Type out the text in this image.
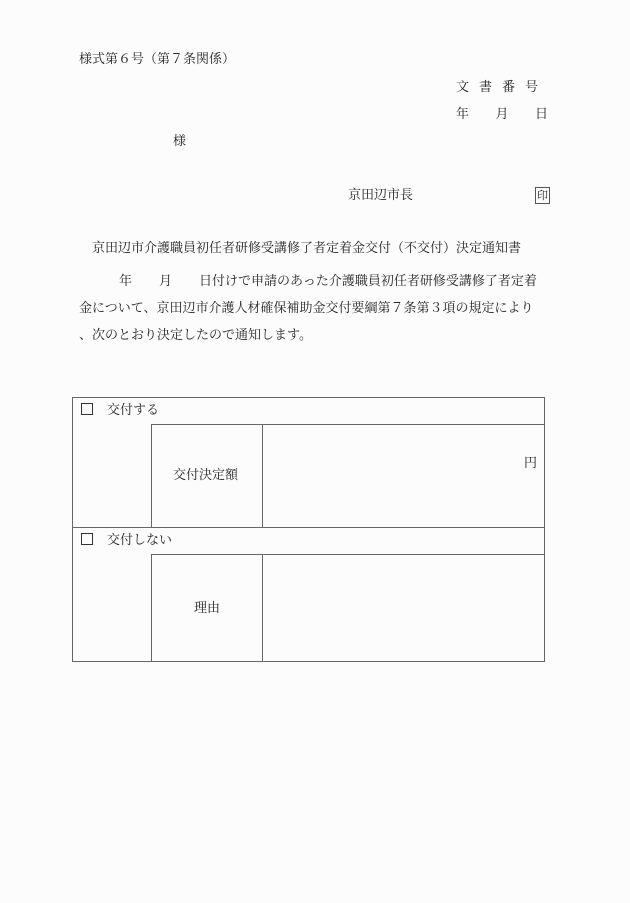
様式第６号（第７条関係）
文書番号
年 月 日
様
京田辺市長	印
京田辺市介護職員初任者研修受講修了者定着金交付（不交付）決定通知書
年 月 日付けで申請のあった介護職員初任者研修受講修了者定着
金について、京田辺市介護人材確保補助金交付要綱第７条第３項の規定により
、次のとおり決定したので通知します。
交付する
交付決定額
円
交付しない
理由
